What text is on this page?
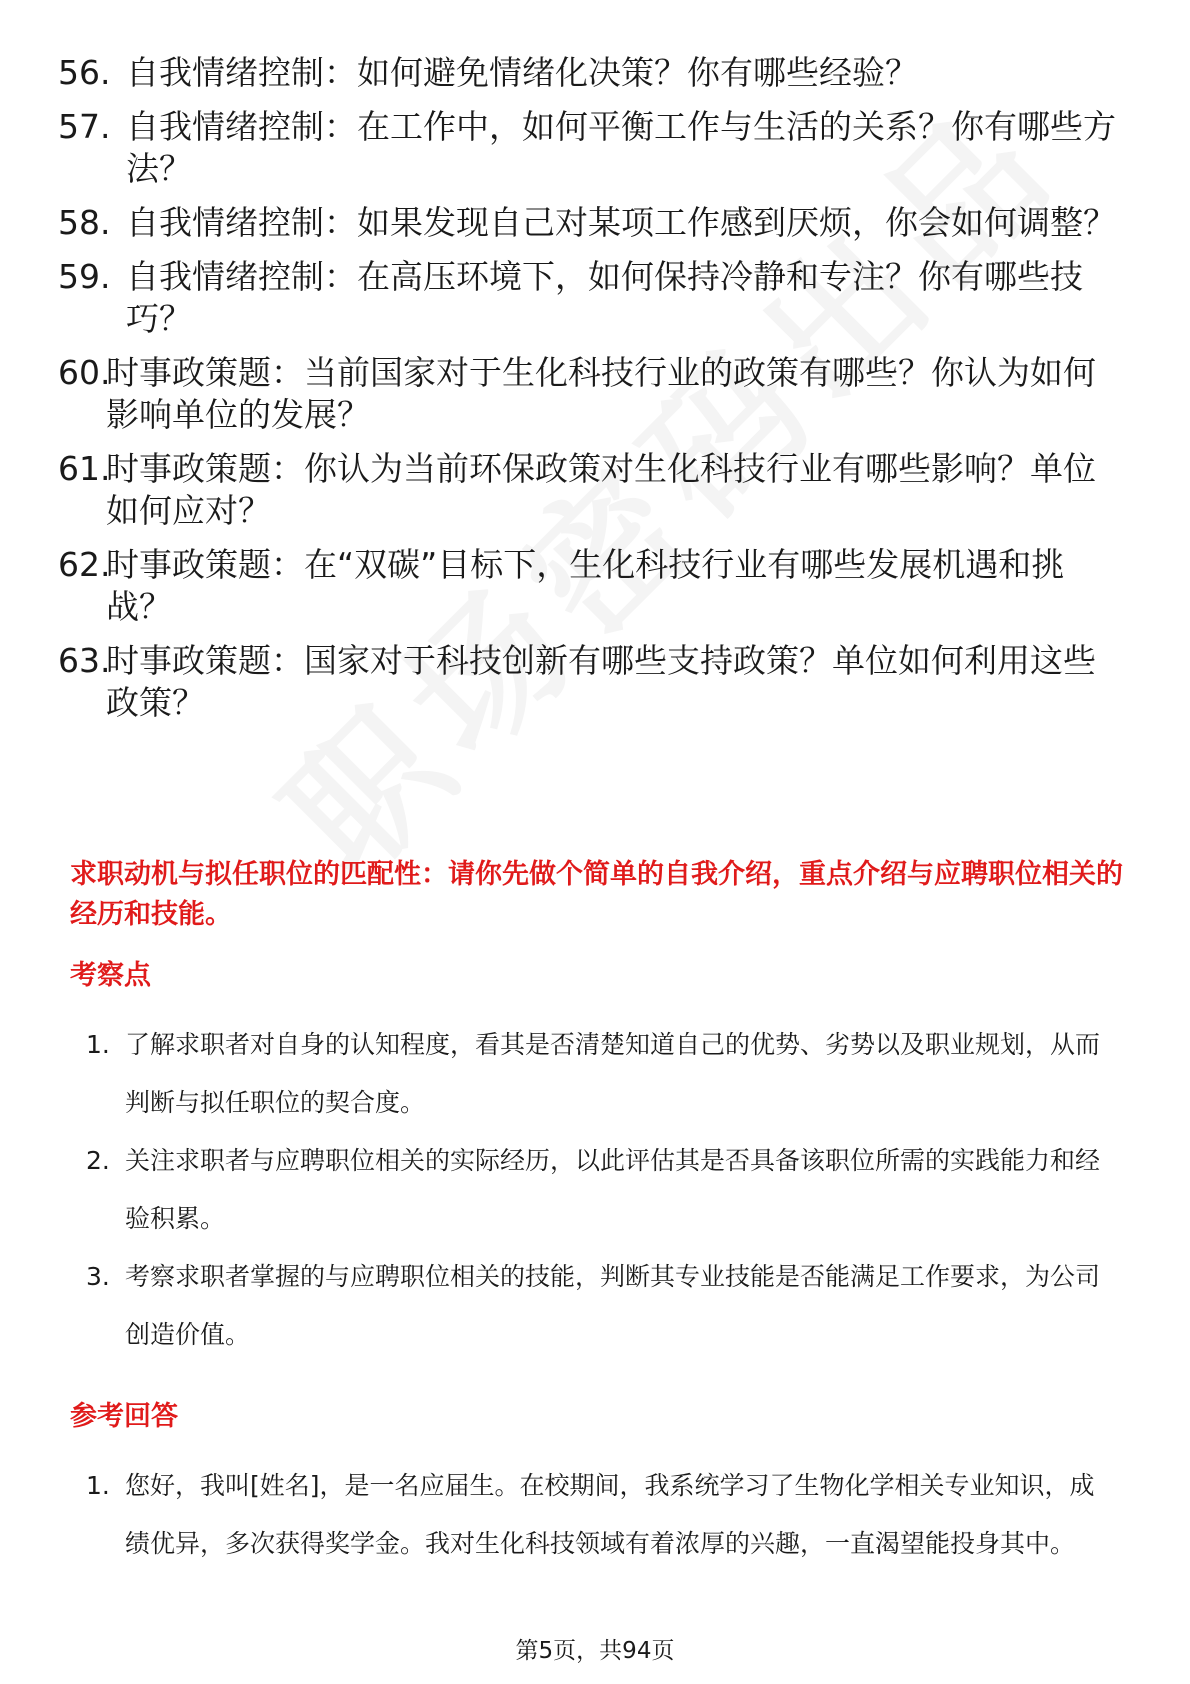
56. 自我情绪控制：如何避免情绪化决策？你有哪些经验？
57. 自我情绪控制：在工作中，如何平衡工作与生活的关系？你有哪些方法？
58. 自我情绪控制：如果发现自己对某项工作感到厌烦，你会如何调整？
59. 自我情绪控制：在高压环境下，如何保持冷静和专注？你有哪些技巧？
60.
时事政策题：当前国家对于生化科技行业的政策有哪些？你认为如何影响单位的发展？
61.
时事政策题：你认为当前环保政策对生化科技行业有哪些影响？单位如何应对？
62.
时事政策题：在“双碳”目标下，生化科技行业有哪些发展机遇和挑战？
63.
时事政策题：国家对于科技创新有哪些支持政策？单位如何利用这些政策？
求职动机与拟任职位的匹配性：请你先做个简单的自我介绍，重点介绍与应聘职位相关的经历和技能。
考察点
1. 了解求职者对自身的认知程度，看其是否清楚知道自己的优势、劣势以及职业规划，从而判断与拟任职位的契合度。
2. 关注求职者与应聘职位相关的实际经历，以此评估其是否具备该职位所需的实践能力和经验积累。
3. 考察求职者掌握的与应聘职位相关的技能，判断其专业技能是否能满足工作要求，为公司创造价值。
参考回答
1. 您好，我叫[姓名]，是一名应届生。在校期间，我系统学习了生物化学相关专业知识，成绩优异，多次获得奖学金。我对生化科技领域有着浓厚的兴趣，一直渴望能投身其中。
第5页，共94页
